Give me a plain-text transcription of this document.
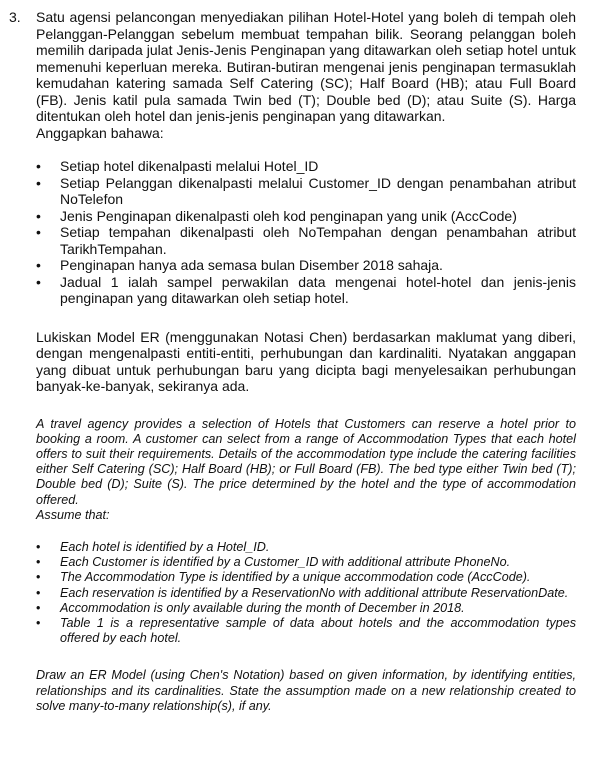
3. Satu agensi pelancongan menyediakan pilihan Hotel-Hotel yang boleh di tempah oleh Pelanggan-Pelanggan sebelum membuat tempahan bilik. Seorang pelanggan boleh memilih daripada julat Jenis-Jenis Penginapan yang ditawarkan oleh setiap hotel untuk memenuhi keperluan mereka. Butiran-butiran mengenai jenis penginapan termasuklah kemudahan katering samada Self Catering (SC); Half Board (HB); atau Full Board (FB). Jenis katil pula samada Twin bed (T); Double bed (D); atau Suite (S). Harga ditentukan oleh hotel dan jenis-jenis penginapan yang ditawarkan.

Anggapkan bahawa:

• Setiap hotel dikenalpasti melalui Hotel_ID
• Setiap Pelanggan dikenalpasti melalui Customer_ID dengan penambahan atribut NoTelefon
• Jenis Penginapan dikenalpasti oleh kod penginapan yang unik (AccCode)
• Setiap tempahan dikenalpasti oleh NoTempahan dengan penambahan atribut TarikhTempahan.
• Penginapan hanya ada semasa bulan Disember 2018 sahaja.
• Jadual 1 ialah sampel perwakilan data mengenai hotel-hotel dan jenis-jenis penginapan yang ditawarkan oleh setiap hotel.

Lukiskan Model ER (menggunakan Notasi Chen) berdasarkan maklumat yang diberi, dengan mengenalpasti entiti-entiti, perhubungan dan kardinaliti. Nyatakan anggapan yang dibuat untuk perhubungan baru yang dicipta bagi menyelesaikan perhubungan banyak-ke-banyak, sekiranya ada.

A travel agency provides a selection of Hotels that Customers can reserve a hotel prior to booking a room. A customer can select from a range of Accommodation Types that each hotel offers to suit their requirements. Details of the accommodation type include the catering facilities either Self Catering (SC); Half Board (HB); or Full Board (FB). The bed type either Twin bed (T); Double bed (D); Suite (S). The price determined by the hotel and the type of accommodation offered.

Assume that:

• Each hotel is identified by a Hotel_ID.
• Each Customer is identified by a Customer_ID with additional attribute PhoneNo.
• The Accommodation Type is identified by a unique accommodation code (AccCode).
• Each reservation is identified by a ReservationNo with additional attribute ReservationDate.
• Accommodation is only available during the month of December in 2018.
• Table 1 is a representative sample of data about hotels and the accommodation types offered by each hotel.

Draw an ER Model (using Chen's Notation) based on given information, by identifying entities, relationships and its cardinalities. State the assumption made on a new relationship created to solve many-to-many relationship(s), if any.
